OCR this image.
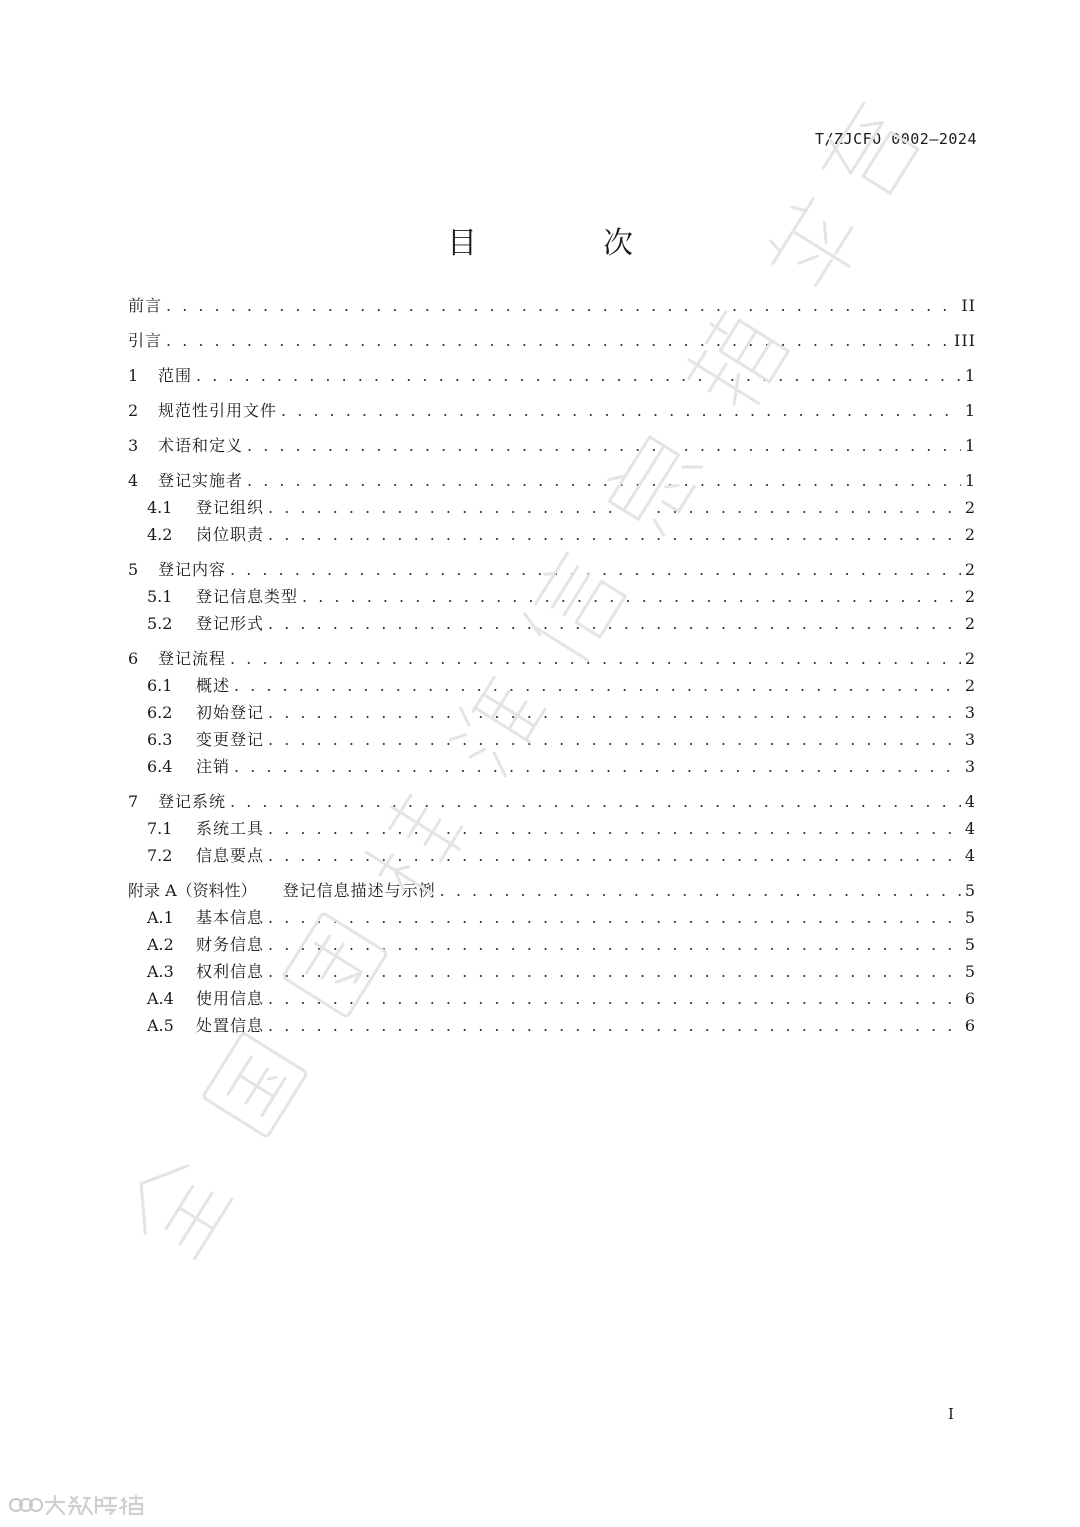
T/ZJCFO 0002—2024
目　次
前言 . . .	II
引言 . . .	III
1	范围 . . .	1
2	规范性引用文件 . . .	1
3	术语和定义 . . .	1
4	登记实施者 . . .	1
4.1	登记组织 . . .	2
4.2	岗位职责 . . .	2
5	登记内容 . . .	2
5.1	登记信息类型 . . .	2
5.2	登记形式 . . .	2
6	登记流程 . . .	2
6.1	概述 . . .	2
6.2	初始登记 . . .	3
6.3	变更登记 . . .	3
6.4	注销 . . .	3
7	登记系统 . . .	4
7.1	系统工具 . . .	4
7.2	信息要点 . . .	4
附录 A（资料性）	登记信息描述与示例 . . .	5
A.1	基本信息 . . .	5
A.2	财务信息 . . .	5
A.3	权利信息 . . .	5
A.4	使用信息 . . .	6
A.5	处置信息 . . .	6
I
